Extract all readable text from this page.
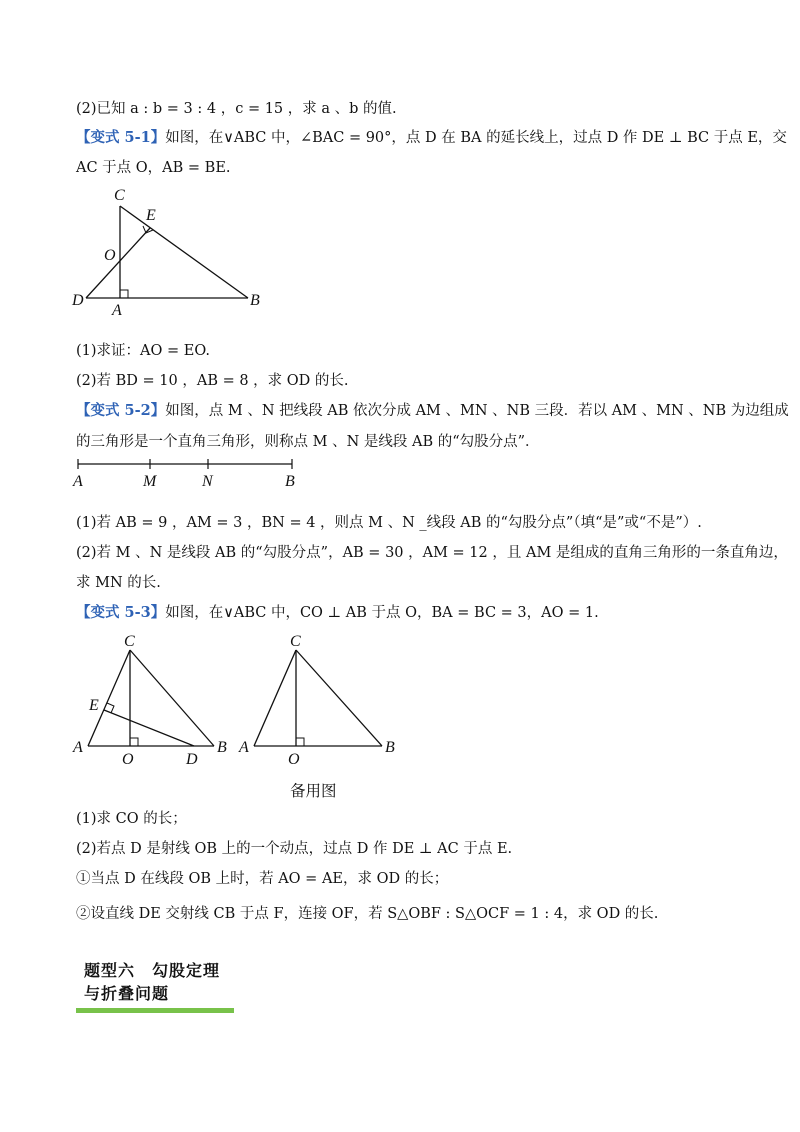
(2)已知 a : b = 3 : 4 ，c = 15 ，求 a 、b 的值.
【变式 5-1】如图，在∨ABC 中，∠BAC = 90°，点 D 在 BA 的延长线上，过点 D 作 DE ⊥ BC 于点 E，交
AC 于点 O，AB = BE.
C
E
O
D
A
B
(1)求证：AO = EO.
(2)若 BD = 10 ，AB = 8 ，求 OD 的长.
【变式 5-2】如图，点 M 、N 把线段 AB 依次分成 AM 、MN 、NB 三段．若以 AM 、MN 、NB 为边组成
的三角形是一个直角三角形，则称点 M 、N 是线段 AB 的“勾股分点”．
A	M	N	B
(1)若 AB = 9 ，AM = 3 ，BN = 4 ，则点 M 、N _线段 AB 的“勾股分点”（填“是”或“不是”）.
(2)若 M 、N 是线段 AB 的“勾股分点”，AB = 30 ，AM = 12 ，且 AM 是组成的直角三角形的一条直角边，
求 MN 的长.
【变式 5-3】如图，在∨ABC 中，CO ⊥ AB 于点 O，BA = BC = 3，AO = 1.
C
E
A
O	D
B
C
A
O
B
备用图
(1)求 CO 的长；
(2)若点 D 是射线 OB 上的一个动点，过点 D 作 DE ⊥ AC 于点 E.
①当点 D 在线段 OB 上时，若 AO = AE，求 OD 的长；
②设直线 DE 交射线 CB 于点 F，连接 OF，若 S△OBF : S△OCF = 1 : 4，求 OD 的长.
题型六　勾股定理与折叠问题
